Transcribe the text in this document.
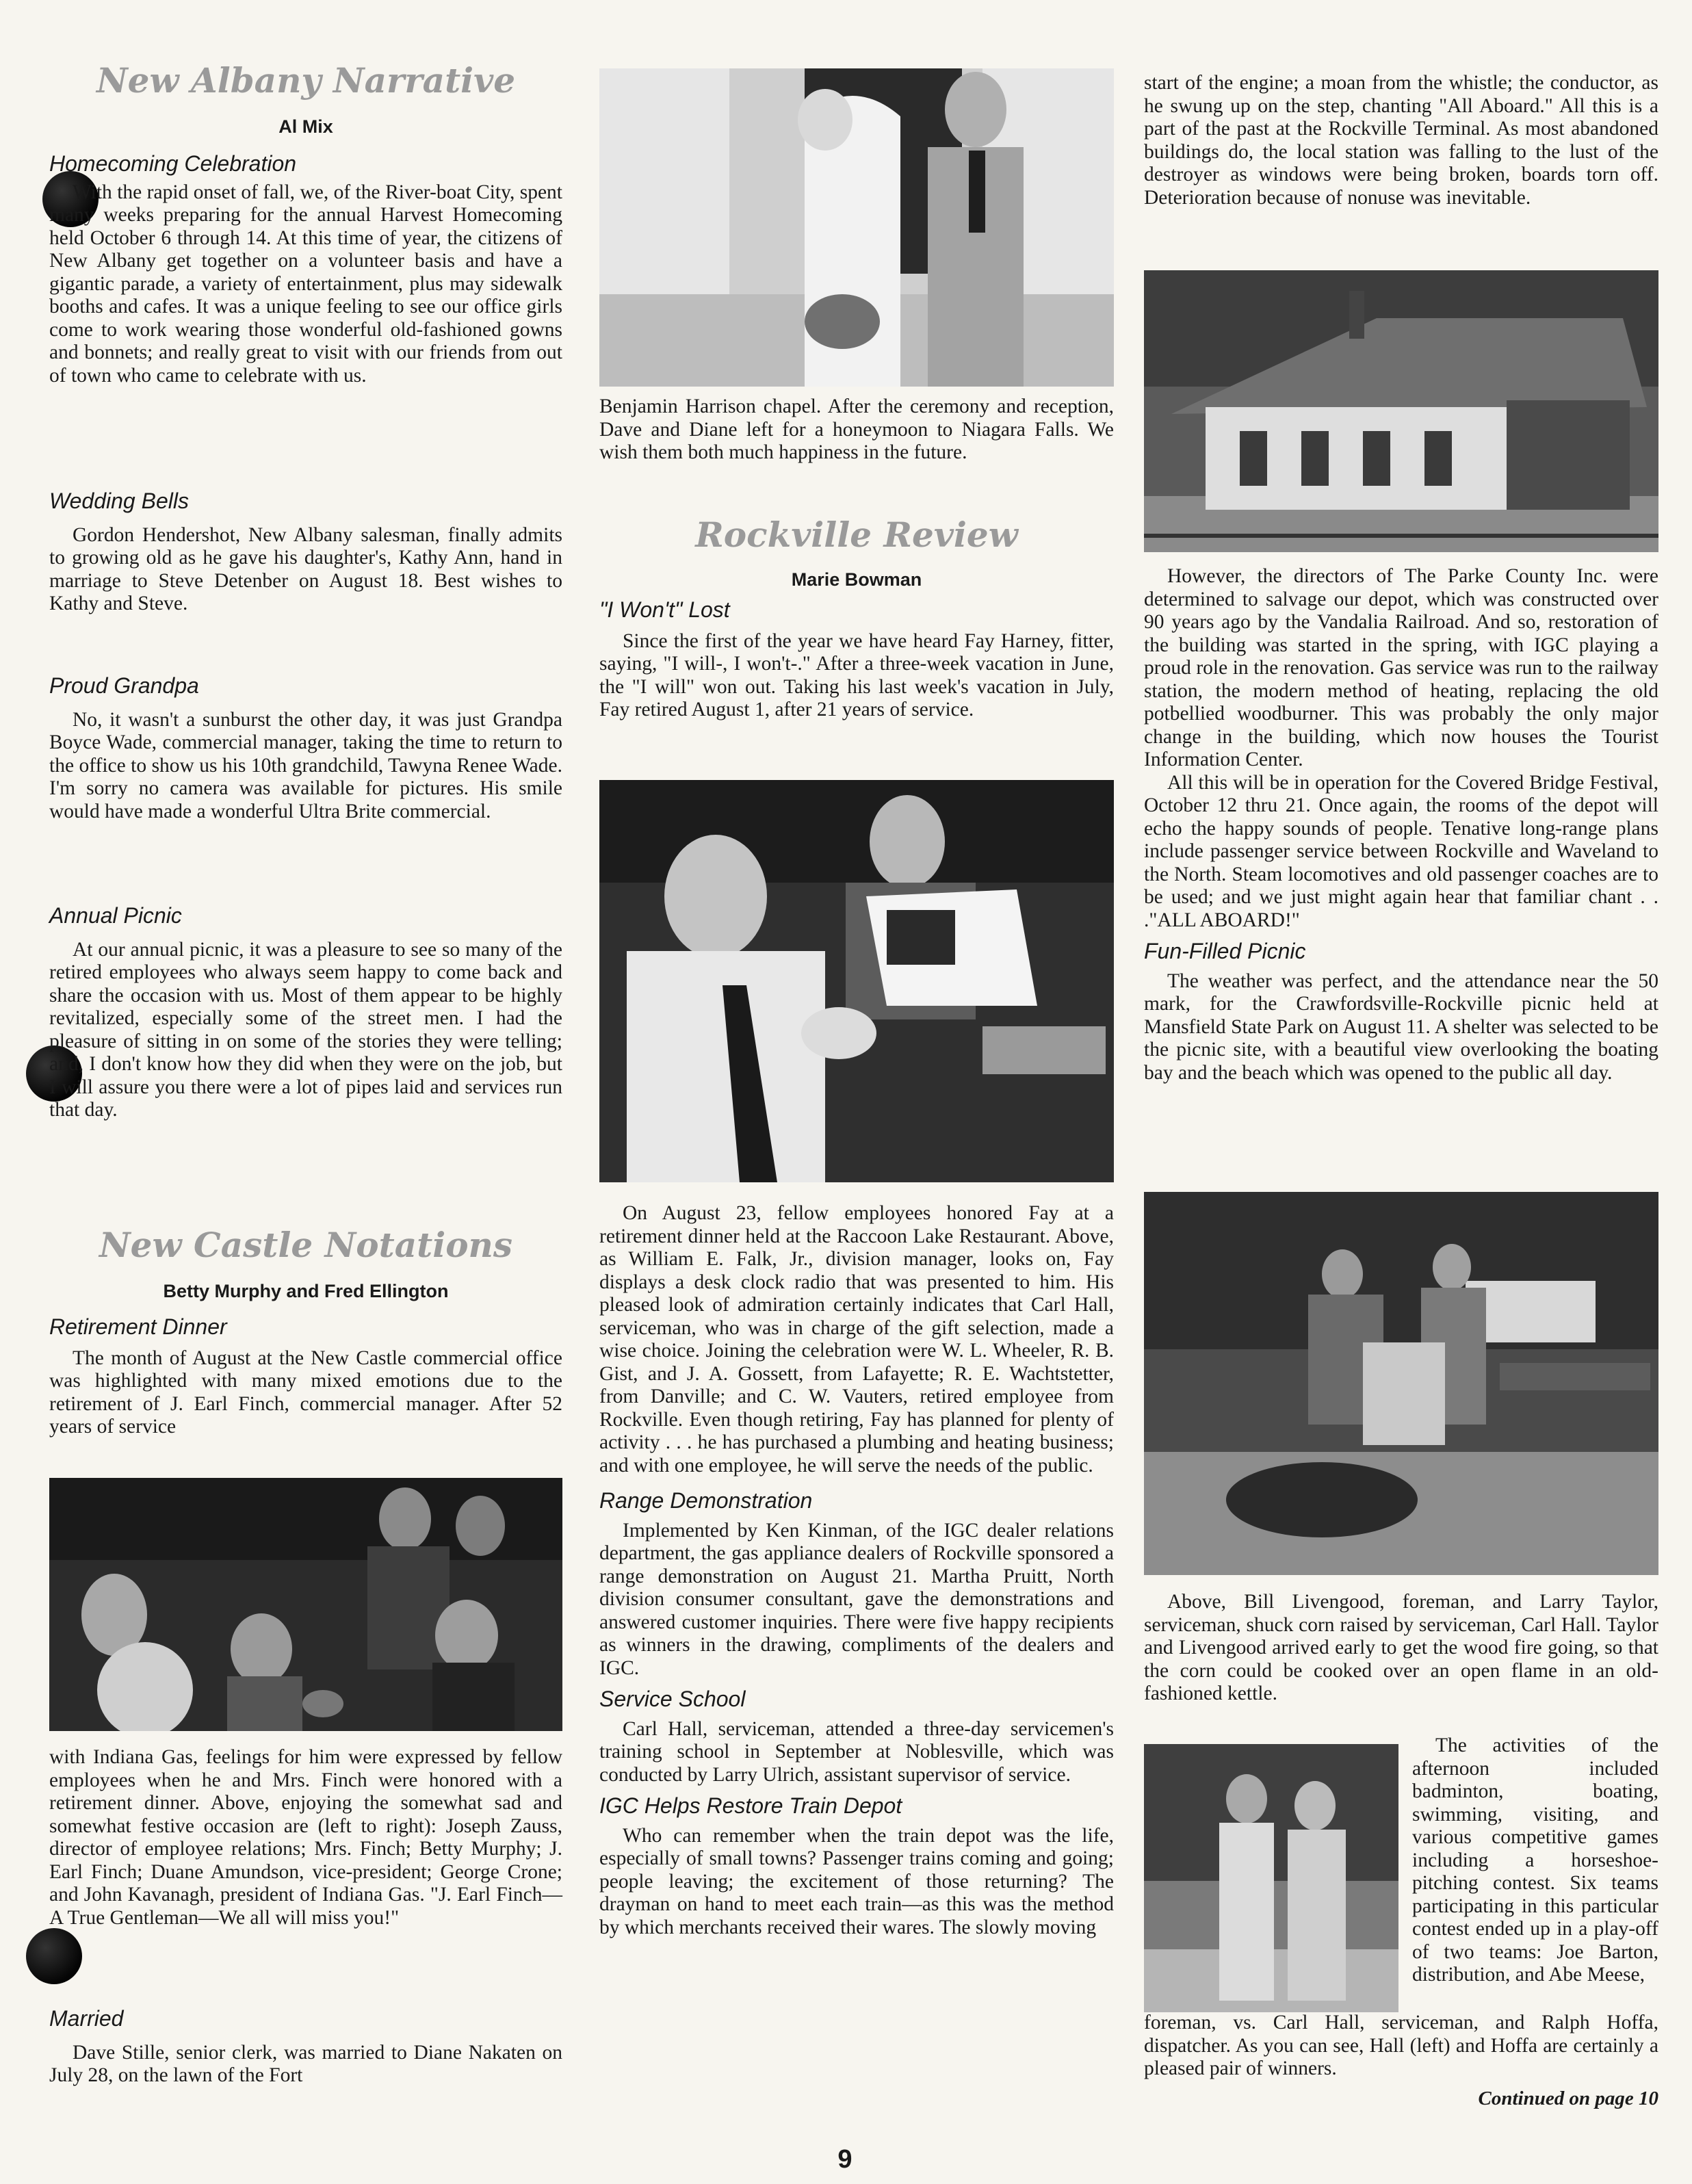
New Albany Narrative

Al Mix

Homecoming Celebration

With the rapid onset of fall, we, of the River-boat City, spent many weeks preparing for the annual Harvest Homecoming held October 6 through 14. At this time of year, the citizens of New Albany get together on a volunteer basis and have a gigantic parade, a variety of entertainment, plus may sidewalk booths and cafes. It was a unique feeling to see our office girls come to work wearing those wonderful old-fashioned gowns and bonnets; and really great to visit with our friends from out of town who came to celebrate with us.

Wedding Bells

Gordon Hendershot, New Albany salesman, finally admits to growing old as he gave his daughter's, Kathy Ann, hand in marriage to Steve Detenber on August 18. Best wishes to Kathy and Steve.

Proud Grandpa

No, it wasn't a sunburst the other day, it was just Grandpa Boyce Wade, commercial manager, taking the time to return to the office to show us his 10th grandchild, Tawyna Renee Wade. I'm sorry no camera was available for pictures. His smile would have made a wonderful Ultra Brite commercial.

Annual Picnic

At our annual picnic, it was a pleasure to see so many of the retired employees who always seem happy to come back and share the occasion with us. Most of them appear to be highly revitalized, especially some of the street men. I had the pleasure of sitting in on some of the stories they were telling; and, I don't know how they did when they were on the job, but I will assure you there were a lot of pipes laid and services run that day.

New Castle Notations

Betty Murphy and Fred Ellington

Retirement Dinner

The month of August at the New Castle commercial office was highlighted with many mixed emotions due to the retirement of J. Earl Finch, commercial manager. After 52 years of service

with Indiana Gas, feelings for him were expressed by fellow employees when he and Mrs. Finch were honored with a retirement dinner. Above, enjoying the somewhat sad and somewhat festive occasion are (left to right): Joseph Zauss, director of employee relations; Mrs. Finch; Betty Murphy; J. Earl Finch; Duane Amundson, vice-president; George Crone; and John Kavanagh, president of Indiana Gas. "J. Earl Finch—A True Gentleman—We all will miss you!"

Married

Dave Stille, senior clerk, was married to Diane Nakaten on July 28, on the lawn of the Fort

Benjamin Harrison chapel. After the ceremony and reception, Dave and Diane left for a honeymoon to Niagara Falls. We wish them both much happiness in the future.

Rockville Review

Marie Bowman

"I Won't" Lost

Since the first of the year we have heard Fay Harney, fitter, saying, "I will-, I won't-." After a three-week vacation in June, the "I will" won out. Taking his last week's vacation in July, Fay retired August 1, after 21 years of service.

On August 23, fellow employees honored Fay at a retirement dinner held at the Raccoon Lake Restaurant. Above, as William E. Falk, Jr., division manager, looks on, Fay displays a desk clock radio that was presented to him. His pleased look of admiration certainly indicates that Carl Hall, serviceman, who was in charge of the gift selection, made a wise choice. Joining the celebration were W. L. Wheeler, R. B. Gist, and J. A. Gossett, from Lafayette; R. E. Wachtstetter, from Danville; and C. W. Vauters, retired employee from Rockville. Even though retiring, Fay has planned for plenty of activity . . . he has purchased a plumbing and heating business; and with one employee, he will serve the needs of the public.

Range Demonstration

Implemented by Ken Kinman, of the IGC dealer relations department, the gas appliance dealers of Rockville sponsored a range demonstration on August 21. Martha Pruitt, North division consumer consultant, gave the demonstrations and answered customer inquiries. There were five happy recipients as winners in the drawing, compliments of the dealers and IGC.

Service School

Carl Hall, serviceman, attended a three-day servicemen's training school in September at Noblesville, which was conducted by Larry Ulrich, assistant supervisor of service.

IGC Helps Restore Train Depot

Who can remember when the train depot was the life, especially of small towns? Passenger trains coming and going; people leaving; the excitement of those returning? The drayman on hand to meet each train—as this was the method by which merchants received their wares. The slowly moving

start of the engine; a moan from the whistle; the conductor, as he swung up on the step, chanting "All Aboard." All this is a part of the past at the Rockville Terminal. As most abandoned buildings do, the local station was falling to the lust of the destroyer as windows were being broken, boards torn off. Deterioration because of nonuse was inevitable.

However, the directors of The Parke County Inc. were determined to salvage our depot, which was constructed over 90 years ago by the Vandalia Railroad. And so, restoration of the building was started in the spring, with IGC playing a proud role in the renovation. Gas service was run to the railway station, the modern method of heating, replacing the old potbellied woodburner. This was probably the only major change in the building, which now houses the Tourist Information Center.

All this will be in operation for the Covered Bridge Festival, October 12 thru 21. Once again, the rooms of the depot will echo the happy sounds of people. Tenative long-range plans include passenger service between Rockville and Waveland to the North. Steam locomotives and old passenger coaches are to be used; and we just might again hear that familiar chant . . ."ALL ABOARD!"

Fun-Filled Picnic

The weather was perfect, and the attendance near the 50 mark, for the Crawfordsville-Rockville picnic held at Mansfield State Park on August 11. A shelter was selected to be the picnic site, with a beautiful view overlooking the boating bay and the beach which was opened to the public all day.

Above, Bill Livengood, foreman, and Larry Taylor, serviceman, shuck corn raised by serviceman, Carl Hall. Taylor and Livengood arrived early to get the wood fire going, so that the corn could be cooked over an open flame in an old-fashioned kettle.

The activities of the afternoon included badminton, boating, swimming, visiting, and various competitive games including a horseshoe-pitching contest. Six teams participating in this particular contest ended up in a play-off of two teams: Joe Barton, distribution, and Abe Meese,

foreman, vs. Carl Hall, serviceman, and Ralph Hoffa, dispatcher. As you can see, Hall (left) and Hoffa are certainly a pleased pair of winners.

Continued on page 10

9
